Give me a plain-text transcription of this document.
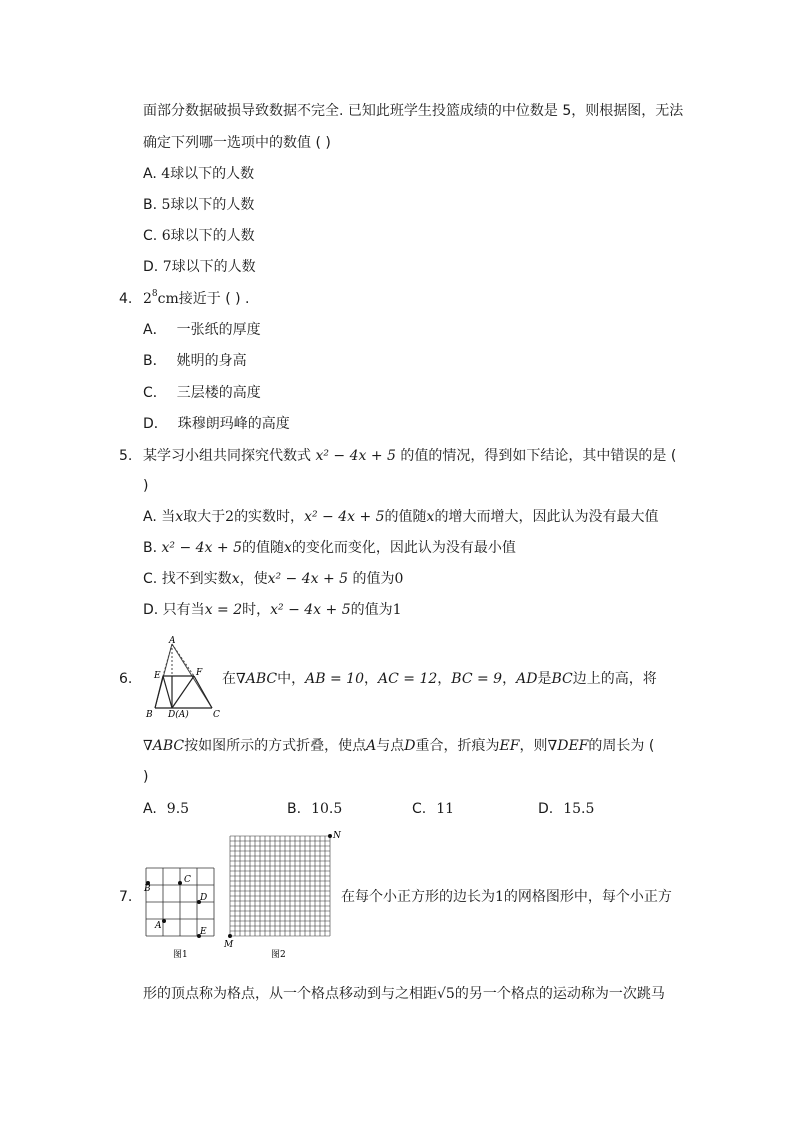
面部分数据破损导致数据不完全. 已知此班学生投篮成绩的中位数是 5，则根据图，无法
确定下列哪一选项中的数值 ( )
A. 4球以下的人数
B. 5球以下的人数
C. 6球以下的人数
D. 7球以下的人数
4. $2^8cm$接近于 ( ) .
A． 一张纸的厚度
B． 姚明的身高
C． 三层楼的高度
D． 珠穆朗玛峰的高度
5. 某学习小组共同探究代数式 x² − 4x + 5 的值的情况，得到如下结论，其中错误的是 (
)
A. 当x取大于2的实数时，x² − 4x + 5的值随x的增大而增大，因此认为没有最大值
B. x² − 4x + 5的值随x的变化而变化，因此认为没有最小值
C. 找不到实数x，使x² − 4x + 5 的值为0
D. 只有当x = 2时，x² − 4x + 5的值为1
6.
A
E	F
B D(A)	C
在∇ABC中，AB = 10，AC = 12，BC = 9，AD是BC边上的高，将
∇ABC按如图所示的方式折叠，使点A与点D重合，折痕为EF，则∇DEF的周长为 (
)
A. 9.5	B. 10.5	C. 11	D. 15.5
7.
C
B
D
A
E
图1
N
M
图2
在每个小正方形的边长为1的网格图形中，每个小正方
形的顶点称为格点，从一个格点移动到与之相距√5的另一个格点的运动称为一次跳马
